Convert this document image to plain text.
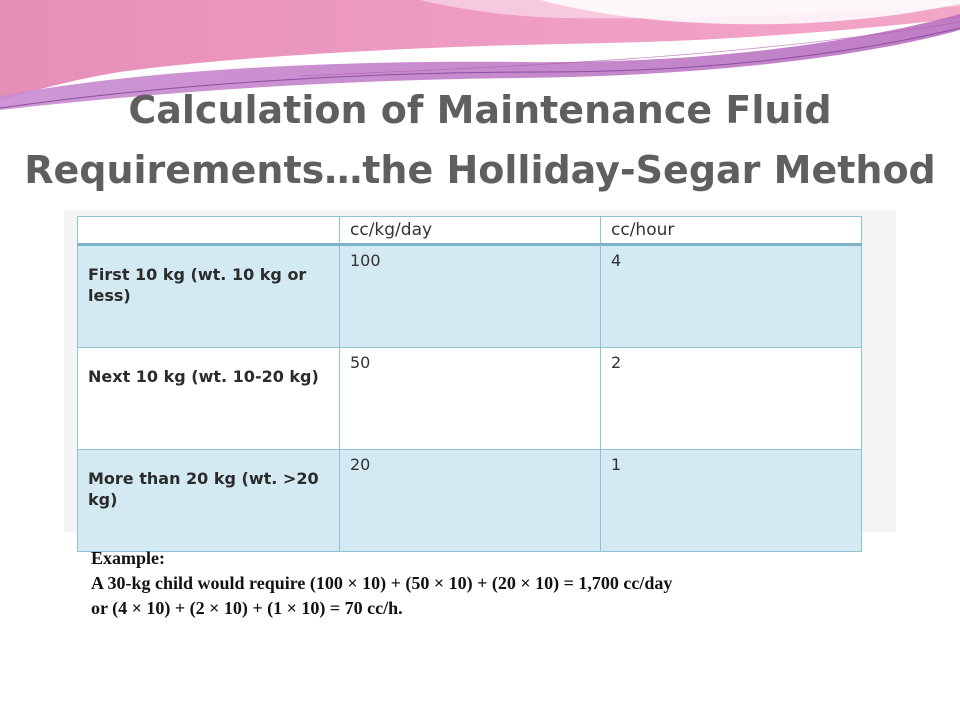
Calculation of Maintenance Fluid
Requirements…the Holliday-Segar Method
	cc/kg/day	cc/hour
First 10 kg (wt. 10 kg or less)	100	4
Next 10 kg (wt. 10-20 kg)	50	2
More than 20 kg (wt. >20 kg)	20	1
Example:
A 30-kg child would require (100 × 10) + (50 × 10) + (20 × 10) = 1,700 cc/day
or (4 × 10) + (2 × 10) + (1 × 10) = 70 cc/h.
